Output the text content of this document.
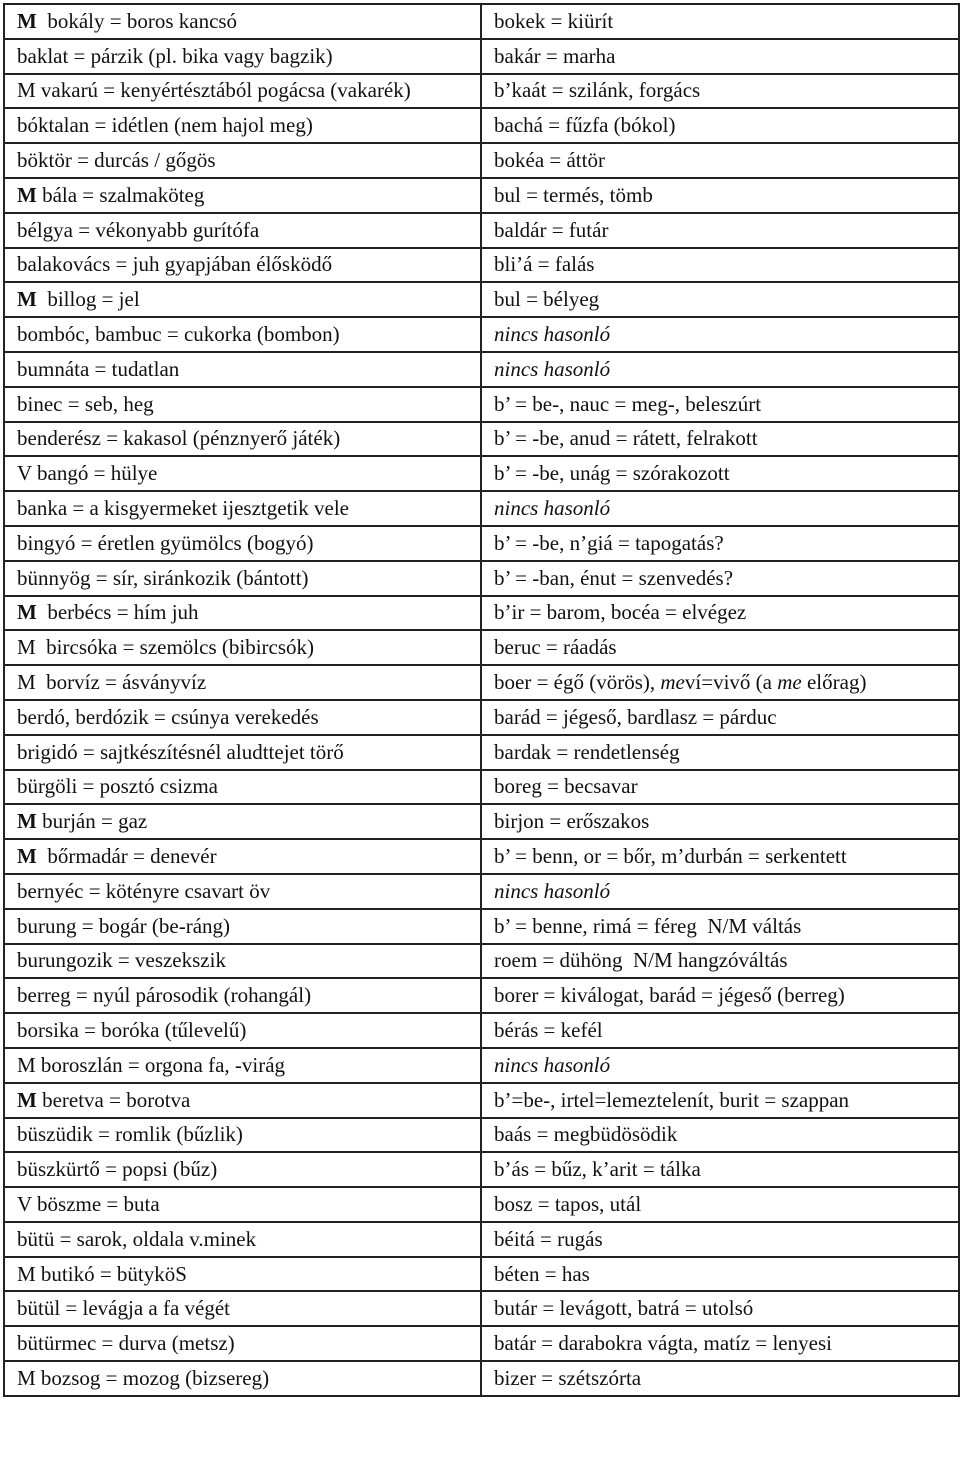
M  bokály = boros kancsó	bokek = kiürít
baklat = párzik (pl. bika vagy bagzik)	bakár = marha
M vakarú = kenyértésztából pogácsa (vakarék)	b’kaát = szilánk, forgács
bóktalan = idétlen (nem hajol meg)	bachá = fűzfa (bókol)
böktör = durcás / gőgös	bokéa = áttör
M bála = szalmaköteg	bul = termés, tömb
bélgya = vékonyabb gurítófa	baldár = futár
balakovács = juh gyapjában élősködő	bli’á = falás
M  billog = jel	bul = bélyeg
bombóc, bambuc = cukorka (bombon)	nincs hasonló
bumnáta = tudatlan	nincs hasonló
binec = seb, heg	b’ = be-, nauc = meg-, beleszúrt
benderész = kakasol (pénznyerő játék)	b’ = -be, anud = rátett, felrakott
V bangó = hülye	b’ = -be, unág = szórakozott
banka = a kisgyermeket ijesztgetik vele	nincs hasonló
bingyó = éretlen gyümölcs (bogyó)	b’ = -be, n’giá = tapogatás?
bünnyög = sír, siránkozik (bántott)	b’ = -ban, énut = szenvedés?
M  berbécs = hím juh	b’ir = barom, bocéa = elvégez
M  bircsóka = szemölcs (bibircsók)	beruc = ráadás
M  borvíz = ásványvíz	boer = égő (vörös), meví=vivő (a me előrag)
berdó, berdózik = csúnya verekedés	barád = jégeső, bardlasz = párduc
brigidó = sajtkészítésnél aludttejet törő	bardak = rendetlenség
bürgöli = posztó csizma	boreg = becsavar
M burján = gaz	birjon = erőszakos
M  bőrmadár = denevér	b’ = benn, or = bőr, m’durbán = serkentett
bernyéc = kötényre csavart öv	nincs hasonló
burung = bogár (be-ráng)	b’ = benne, rimá = féreg  N/M váltás
burungozik = veszekszik	roem = dühöng  N/M hangzóváltás
berreg = nyúl párosodik (rohangál)	borer = kiválogat, barád = jégeső (berreg)
borsika = boróka (tűlevelű)	bérás = kefél
M boroszlán = orgona fa, -virág	nincs hasonló
M beretva = borotva	b’=be-, irtel=lemeztelenít, burit = szappan
büszüdik = romlik (bűzlik)	baás = megbüdösödik
büszkürtő = popsi (bűz)	b’ás = bűz, k’arit = tálka
V böszme = buta	bosz = tapos, utál
bütü = sarok, oldala v.minek	béitá = rugás
M butikó = bütyköS	béten = has
bütül = levágja a fa végét	butár = levágott, batrá = utolsó
bütürmec = durva (metsz)	batár = darabokra vágta, matíz = lenyesi
M bozsog = mozog (bizsereg)	bizer = szétszórta
